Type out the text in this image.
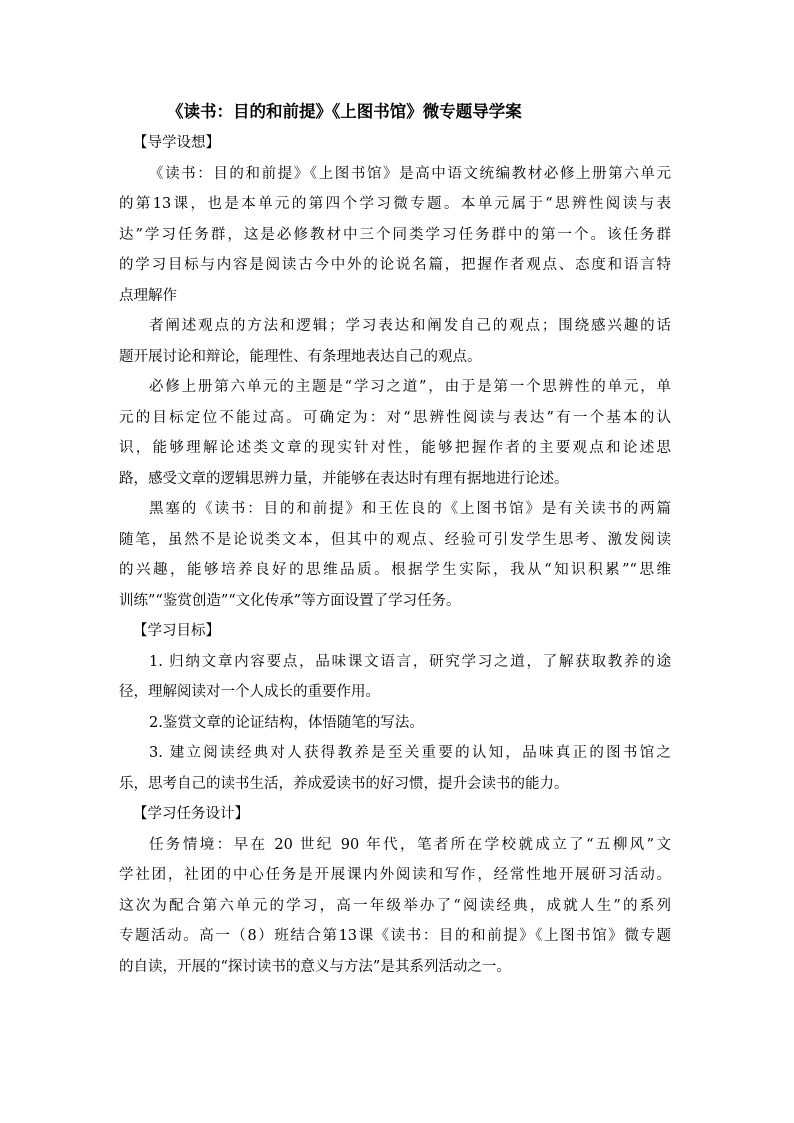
《读书：目的和前提》《上图书馆》微专题导学案
【导学设想】
《读书：目的和前提》《上图书馆》是高中语文统编教材必修上册第六单元
的第13课，也是本单元的第四个学习微专题。本单元属于“思辨性阅读与表
达”学习任务群，这是必修教材中三个同类学习任务群中的第一个。该任务群
的学习目标与内容是阅读古今中外的论说名篇，把握作者观点、态度和语言特
点理解作
者阐述观点的方法和逻辑；学习表达和阐发自己的观点；围绕感兴趣的话
题开展讨论和辩论，能理性、有条理地表达自己的观点。
必修上册第六单元的主题是“学习之道”，由于是第一个思辨性的单元，单
元的目标定位不能过高。可确定为：对“思辨性阅读与表达”有一个基本的认
识，能够理解论述类文章的现实针对性，能够把握作者的主要观点和论述思
路，感受文章的逻辑思辨力量，并能够在表达时有理有据地进行论述。
黑塞的《读书：目的和前提》和王佐良的《上图书馆》是有关读书的两篇
随笔，虽然不是论说类文本，但其中的观点、经验可引发学生思考、激发阅读
的兴趣，能够培养良好的思维品质。根据学生实际，我从“知识积累”“思维
训练”“鉴赏创造”“文化传承”等方面设置了学习任务。
【学习目标】
1. 归纳文章内容要点，品味课文语言，研究学习之道，了解获取教养的途
径，理解阅读对一个人成长的重要作用。
2.鉴赏文章的论证结构，体悟随笔的写法。
3. 建立阅读经典对人获得教养是至关重要的认知，品味真正的图书馆之
乐，思考自己的读书生活，养成爱读书的好习惯，提升会读书的能力。
【学习任务设计】
任务情境：早在 20 世纪 90 年代，笔者所在学校就成立了“五柳风”文
学社团，社团的中心任务是开展课内外阅读和写作，经常性地开展研习活动。
这次为配合第六单元的学习，高一年级举办了“阅读经典，成就人生”的系列
专题活动。高一（8）班结合第13课《读书：目的和前提》《上图书馆》微专题
的自读，开展的“探讨读书的意义与方法”是其系列活动之一。
